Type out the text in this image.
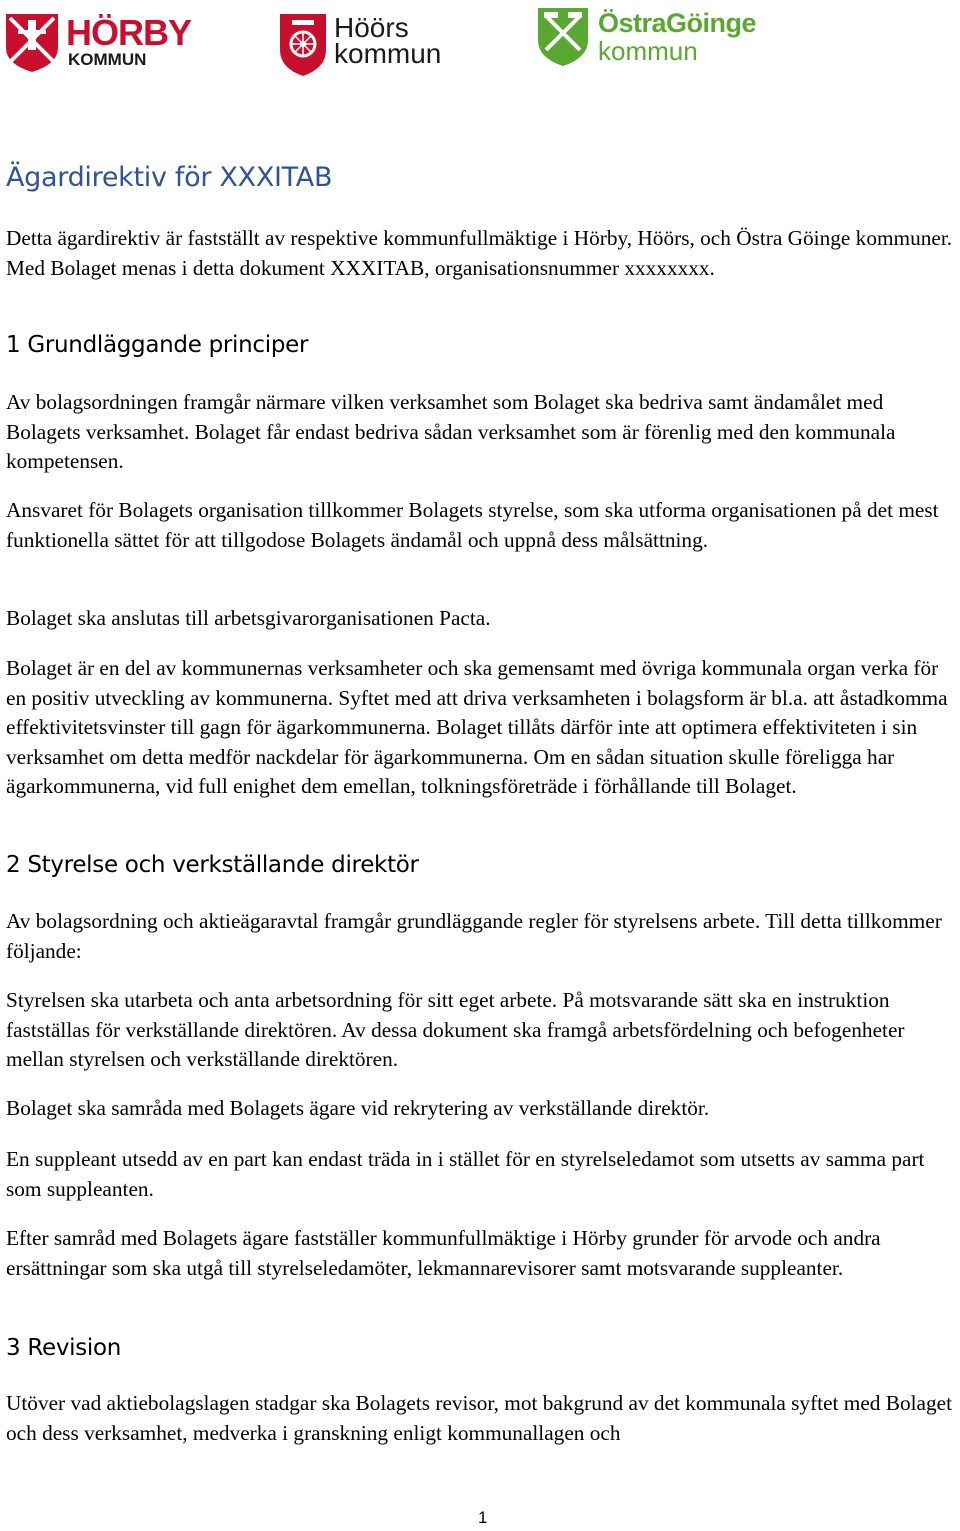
HÖRBY
KOMMUN
Höörs
kommun
ÖstraGöinge
kommun
Ägardirektiv för XXXITAB

Detta ägardirektiv är fastställt av respektive kommunfullmäktige i Hörby, Höörs, och Östra Göinge kommuner. Med Bolaget menas i detta dokument XXXITAB, organisationsnummer xxxxxxxx.

1 Grundläggande principer

Av bolagsordningen framgår närmare vilken verksamhet som Bolaget ska bedriva samt ändamålet med Bolagets verksamhet. Bolaget får endast bedriva sådan verksamhet som är förenlig med den kommunala kompetensen.

Ansvaret för Bolagets organisation tillkommer Bolagets styrelse, som ska utforma organisationen på det mest funktionella sättet för att tillgodose Bolagets ändamål och uppnå dess målsättning.

Bolaget ska anslutas till arbetsgivarorganisationen Pacta.

Bolaget är en del av kommunernas verksamheter och ska gemensamt med övriga kommunala organ verka för en positiv utveckling av kommunerna. Syftet med att driva verksamheten i bolagsform är bl.a. att åstadkomma effektivitetsvinster till gagn för ägarkommunerna. Bolaget tillåts därför inte att optimera effektiviteten i sin verksamhet om detta medför nackdelar för ägarkommunerna. Om en sådan situation skulle föreligga har ägarkommunerna, vid full enighet dem emellan, tolkningsföreträde i förhållande till Bolaget.

2 Styrelse och verkställande direktör

Av bolagsordning och aktieägaravtal framgår grundläggande regler för styrelsens arbete. Till detta tillkommer följande:

Styrelsen ska utarbeta och anta arbetsordning för sitt eget arbete. På motsvarande sätt ska en instruktion fastställas för verkställande direktören. Av dessa dokument ska framgå arbetsfördelning och befogenheter mellan styrelsen och verkställande direktören.

Bolaget ska samråda med Bolagets ägare vid rekrytering av verkställande direktör.

En suppleant utsedd av en part kan endast träda in i stället för en styrelseledamot som utsetts av samma part som suppleanten.

Efter samråd med Bolagets ägare fastställer kommunfullmäktige i Hörby grunder för arvode och andra ersättningar som ska utgå till styrelseledamöter, lekmannarevisorer samt motsvarande suppleanter.

3 Revision

Utöver vad aktiebolagslagen stadgar ska Bolagets revisor, mot bakgrund av det kommunala syftet med Bolaget och dess verksamhet, medverka i granskning enligt kommunallagen och

1
